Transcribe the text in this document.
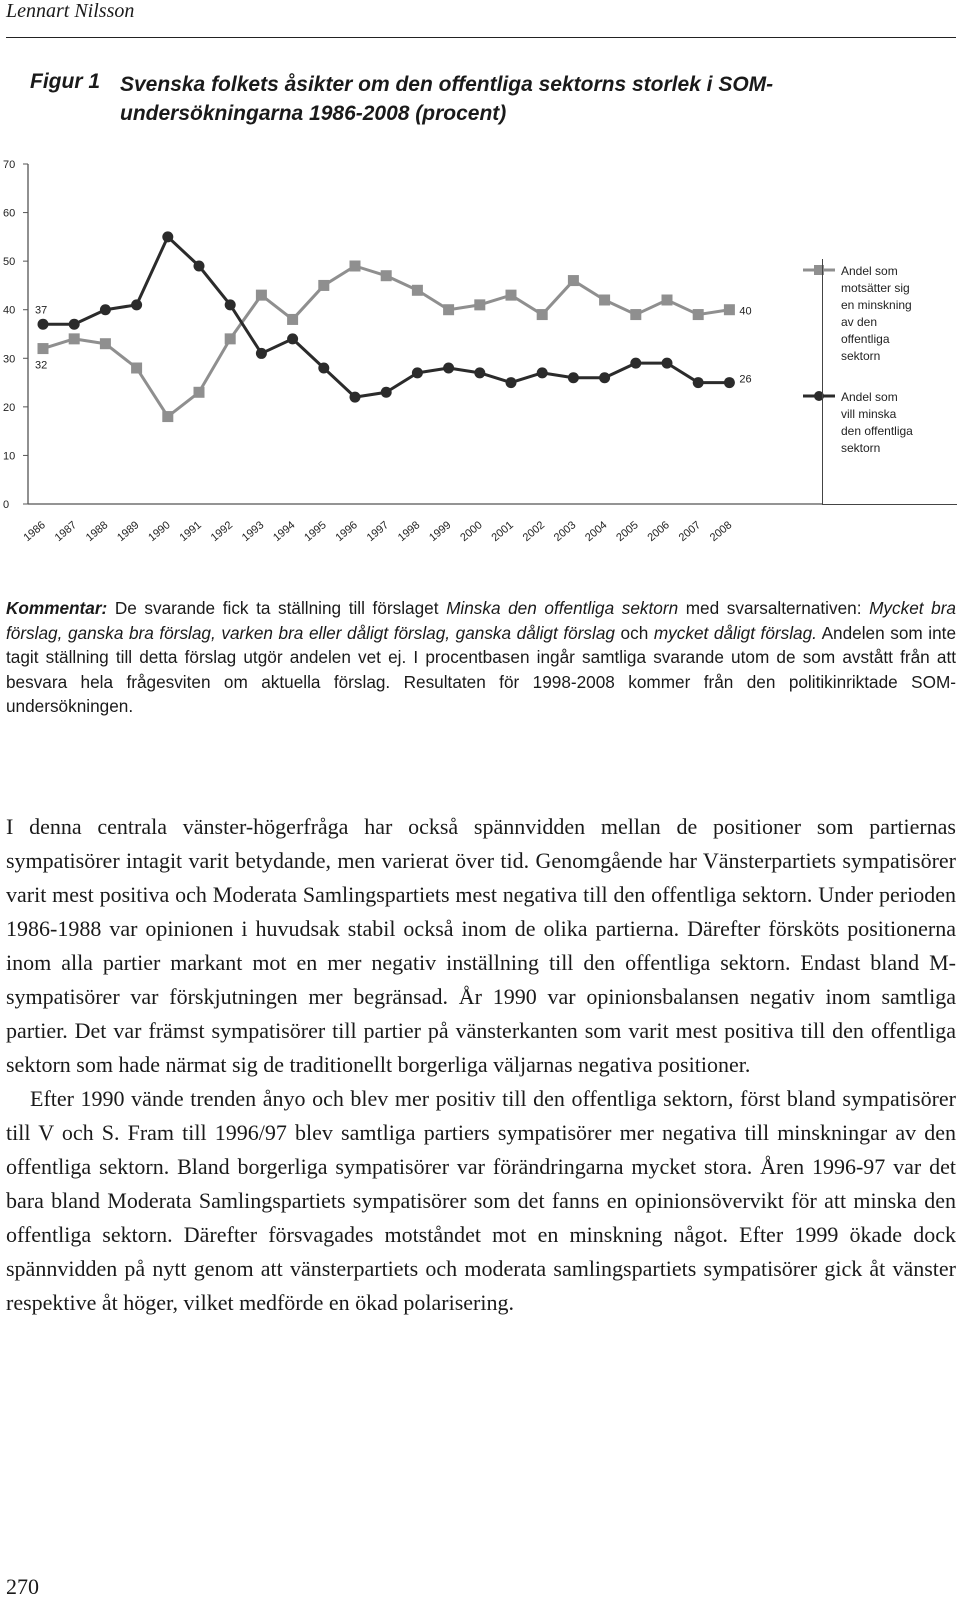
Lennart Nilsson
Figur 1 Svenska folkets åsikter om den offentliga sektorns storlek i SOM-undersökningarna 1986-2008 (procent)
0
10
20
30
40
50
60
70
1986 1987 1988 1989 1990 1991 1992 1993 1994 1995 1996 1997 1998 1999 2000 2001 2002 2003 2004 2005 2006 2007 2008
32
40
37
26
Andel som
motsätter sig
en minskning
av den
offentliga
sektorn
Andel som
vill minska
den offentliga
sektorn
Kommentar: De svarande fick ta ställning till förslaget Minska den offentliga sektorn med svarsalternativen: Mycket bra förslag, ganska bra förslag, varken bra eller dåligt förslag, ganska dåligt förslag och mycket dåligt förslag. Andelen som inte tagit ställning till detta förslag utgör andelen vet ej. I procentbasen ingår samtliga svarande utom de som avstått från att besvara hela frågesviten om aktuella förslag. Resultaten för 1998-2008 kommer från den politikinriktade SOM-undersökningen.

I denna centrala vänster-högerfråga har också spännvidden mellan de positioner som partiernas sympatisörer intagit varit betydande, men varierat över tid. Genomgående har Vänsterpartiets sympatisörer varit mest positiva och Moderata Samlingspartiets mest negativa till den offentliga sektorn. Under perioden 1986-1988 var opinionen i huvudsak stabil också inom de olika partierna. Därefter försköts positionerna inom alla partier markant mot en mer negativ inställning till den offentliga sektorn. Endast bland M-sympatisörer var förskjutningen mer begränsad. År 1990 var opinionsbalansen negativ inom samtliga partier. Det var främst sympatisörer till partier på vänsterkanten som varit mest positiva till den offentliga sektorn som hade närmat sig de traditionellt borgerliga väljarnas negativa positioner.

Efter 1990 vände trenden ånyo och blev mer positiv till den offentliga sektorn, först bland sympatisörer till V och S. Fram till 1996/97 blev samtliga partiers sympatisörer mer negativa till minskningar av den offentliga sektorn. Bland borgerliga sympatisörer var förändringarna mycket stora. Åren 1996-97 var det bara bland Moderata Samlingspartiets sympatisörer som det fanns en opinionsövervikt för att minska den offentliga sektorn. Därefter försvagades motståndet mot en minskning något. Efter 1999 ökade dock spännvidden på nytt genom att vänsterpartiets och moderata samlingspartiets sympatisörer gick åt vänster respektive åt höger, vilket medförde en ökad polarisering.

270
